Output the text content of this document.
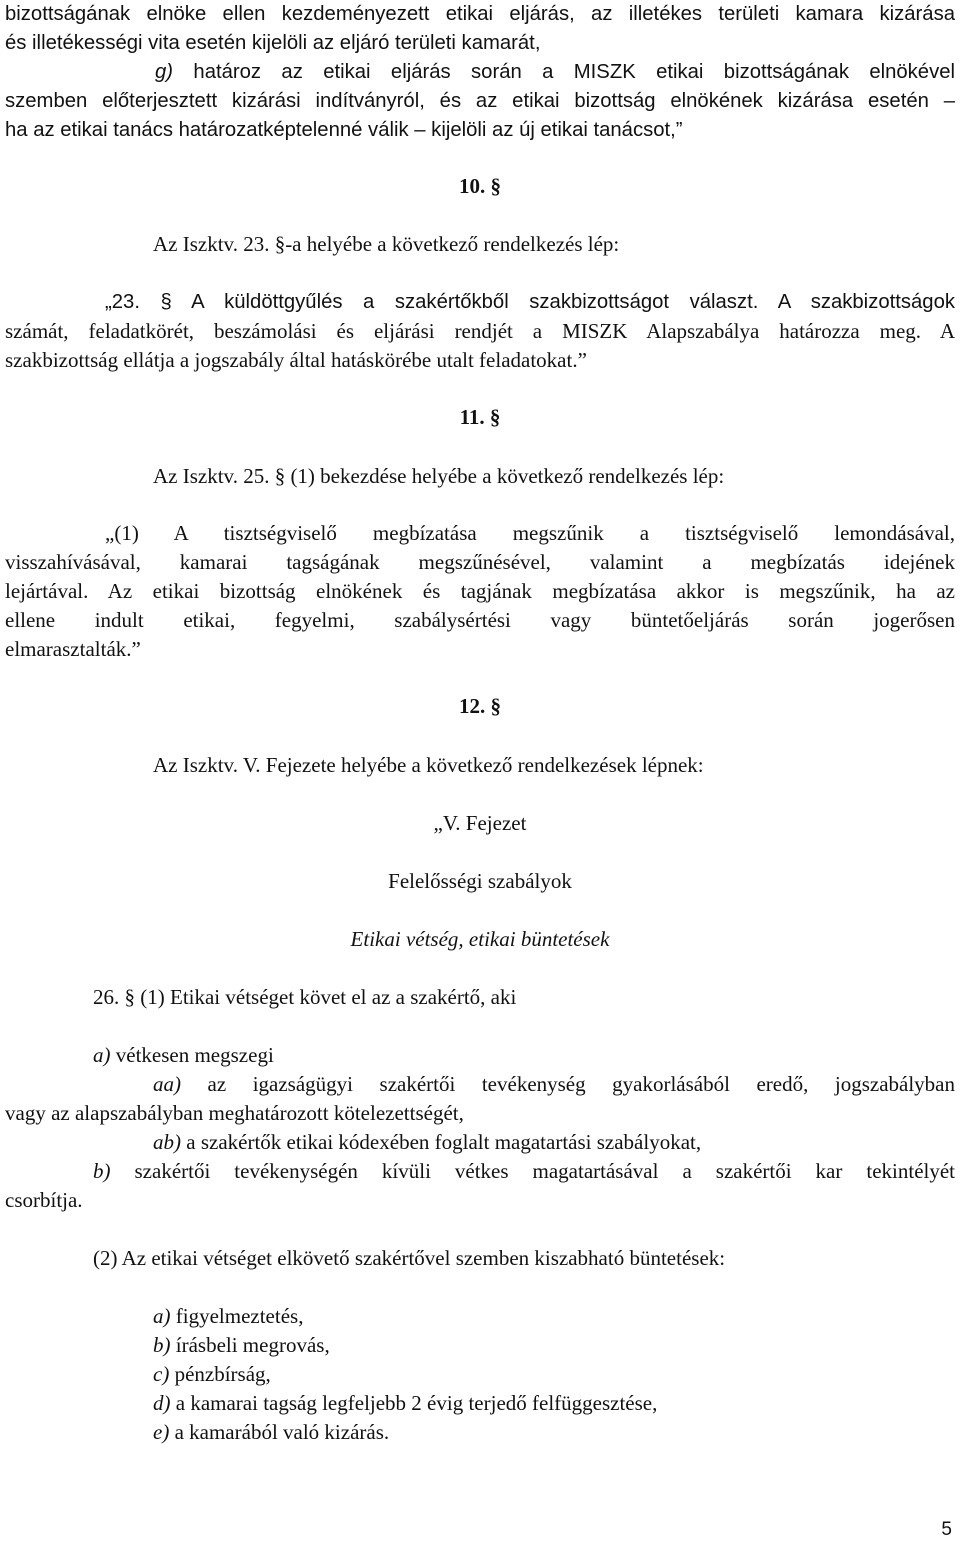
bizottságának elnöke ellen kezdeményezett etikai eljárás, az illetékes területi kamara kizárása

és illetékességi vita esetén kijelöli az eljáró területi kamarát,

g) határoz az etikai eljárás során a MISZK etikai bizottságának elnökével

szemben előterjesztett kizárási indítványról, és az etikai bizottság elnökének kizárása esetén –

ha az etikai tanács határozatképtelenné válik – kijelöli az új etikai tanácsot,”

10. §
Az Iszktv. 23. §-a helyébe a következő rendelkezés lép:

„23. § A küldöttgyűlés a szakértőkből szakbizottságot választ. A szakbizottságok

számát, feladatkörét, beszámolási és eljárási rendjét a MISZK Alapszabálya határozza meg. A

szakbizottság ellátja a jogszabály által hatáskörébe utalt feladatokat.”

11. §
Az Iszktv. 25. § (1) bekezdése helyébe a következő rendelkezés lép:

„(1) A tisztségviselő megbízatása megszűnik a tisztségviselő lemondásával,

visszahívásával, kamarai tagságának megszűnésével, valamint a megbízatás idejének

lejártával. Az etikai bizottság elnökének és tagjának megbízatása akkor is megszűnik, ha az

ellene indult etikai, fegyelmi, szabálysértési vagy büntetőeljárás során jogerősen

elmarasztalták.”

12. §
Az Iszktv. V. Fejezete helyébe a következő rendelkezések lépnek:
„V. Fejezet
Felelősségi szabályok
Etikai vétség, etikai büntetések
26. § (1) Etikai vétséget követ el az a szakértő, aki
a) vétkesen megszegi

aa) az igazságügyi szakértői tevékenység gyakorlásából eredő, jogszabályban

vagy az alapszabályban meghatározott kötelezettségét,

ab) a szakértők etikai kódexében foglalt magatartási szabályokat,

b) szakértői tevékenységén kívüli vétkes magatartásával a szakértői kar tekintélyét

csorbítja.

(2) Az etikai vétséget elkövető szakértővel szemben kiszabható büntetések:
a) figyelmeztetés,
b) írásbeli megrovás,
c) pénzbírság,
d) a kamarai tagság legfeljebb 2 évig terjedő felfüggesztése,
e) a kamarából való kizárás.
5
